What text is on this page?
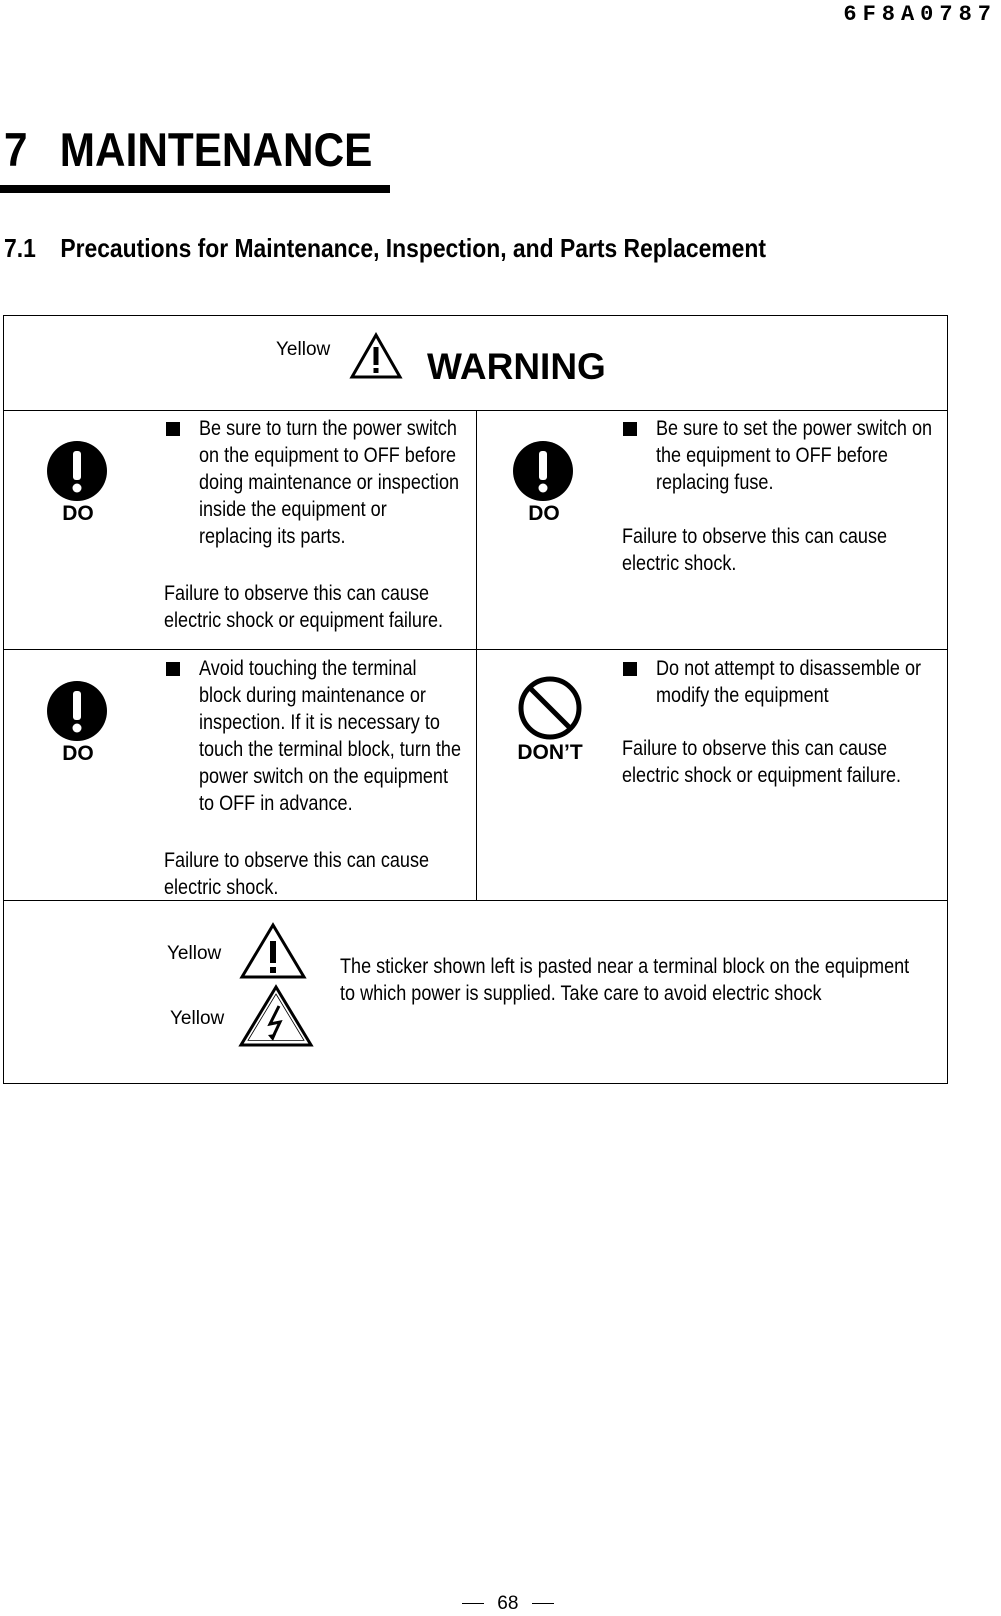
6F8A0787
7 MAINTENANCE
7.1 Precautions for Maintenance, Inspection, and Parts Replacement
Yellow	WARNING
DO

Be sure to turn the power switch

on the equipment to OFF before

doing maintenance or inspection

inside the equipment or

replacing its parts.

Failure to observe this can cause

electric shock or equipment failure.

DO

Be sure to set the power switch on

the equipment to OFF before

replacing fuse.

Failure to observe this can cause

electric shock.

DO

Avoid touching the terminal

block during maintenance or

inspection. If it is necessary to

touch the terminal block, turn the

power switch on the equipment

to OFF in advance.

Failure to observe this can cause

electric shock.

DON’T

Do not attempt to disassemble or

modify the equipment

Failure to observe this can cause

electric shock or equipment failure.

Yellow
Yellow

The sticker shown left is pasted near a terminal block on the equipment

to which power is supplied. Take care to avoid electric shock

68
